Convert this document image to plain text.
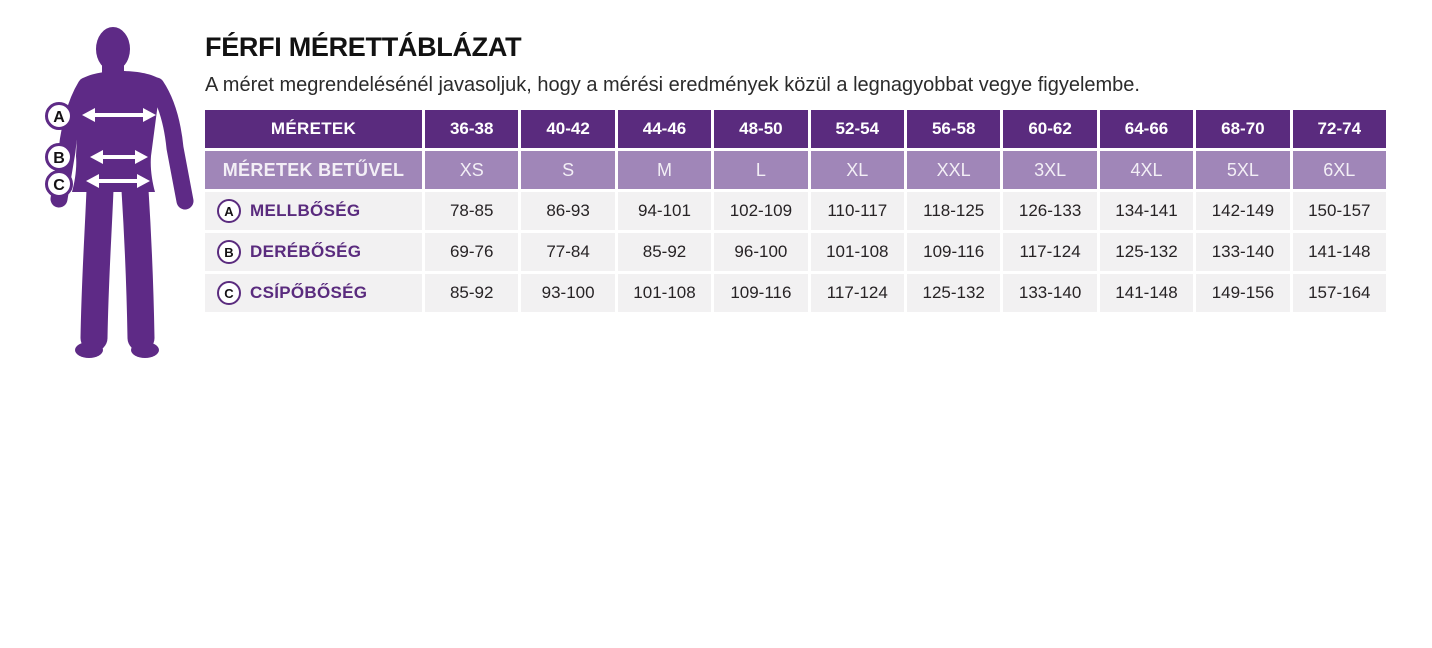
A
B
C
FÉRFI MÉRETTÁBLÁZAT

A méret megrendelésénél javasoljuk, hogy a mérési eredmények közül a legnagyobbat vegye figyelembe.

MÉRETEK	36-38	40-42	44-46	48-50	52-54	56-58	60-62	64-66	68-70	72-74
MÉRETEK BETŰVEL	XS	S	M	L	XL	XXL	3XL	4XL	5XL	6XL
A MELLBŐSÉG	78-85	86-93	94-101	102-109	110-117	118-125	126-133	134-141	142-149	150-157
B DERÉBŐSÉG	69-76	77-84	85-92	96-100	101-108	109-116	117-124	125-132	133-140	141-148
C CSÍPŐBŐSÉG	85-92	93-100	101-108	109-116	117-124	125-132	133-140	141-148	149-156	157-164
